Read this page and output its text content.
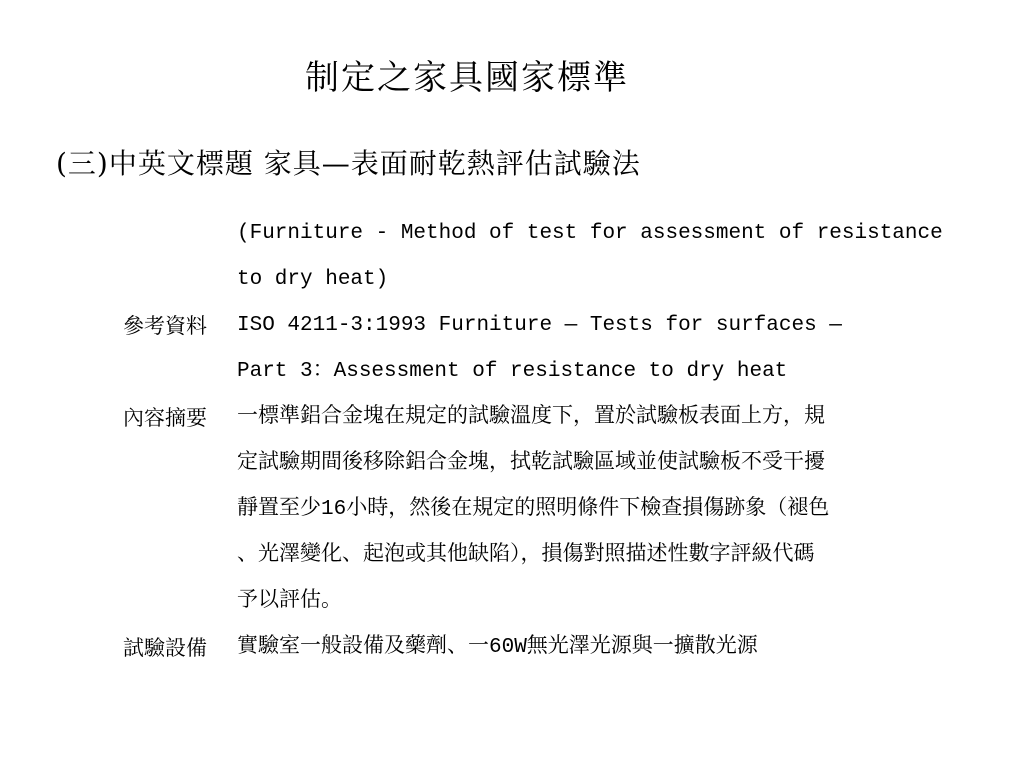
制定之家具國家標準
(三)中英文標題 家具—表面耐乾熱評估試驗法
(Furniture - Method of test for assessment of resistance
to dry heat)
參考資料 ISO 4211-3:1993 Furniture — Tests for surfaces —
Part 3：Assessment of resistance to dry heat
內容摘要 一標準鋁合金塊在規定的試驗溫度下，置於試驗板表面上方，規
定試驗期間後移除鋁合金塊，拭乾試驗區域並使試驗板不受干擾
靜置至少16小時，然後在規定的照明條件下檢查損傷跡象（褪色
、光澤變化、起泡或其他缺陷），損傷對照描述性數字評級代碼
予以評估。
試驗設備 實驗室一般設備及藥劑、一60W無光澤光源與一擴散光源
